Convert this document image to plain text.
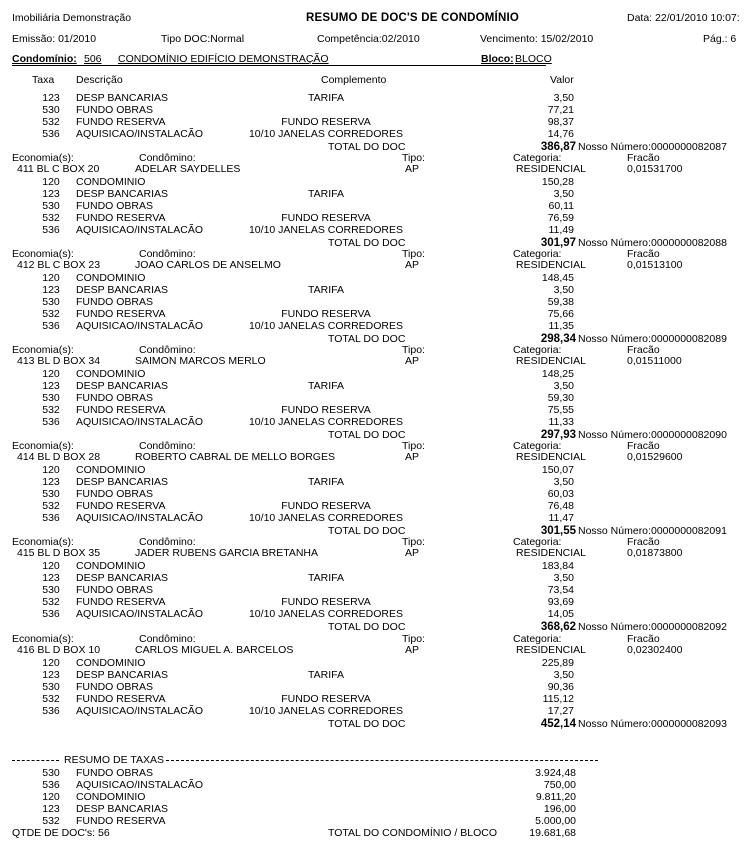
Imobiliária Demonstração	RESUMO DE DOC'S DE CONDOMÍNIO	Data: 22/01/2010 10:07:
Emissão: 01/2010	Tipo DOC:Normal	Competência:02/2010	Vencimento: 15/02/2010	Pág.: 6
Condomínio: 506 CONDOMÍNIO EDIFÍCIO DEMONSTRAÇÃO	Bloco: BLOCO
Taxa Descrição	Complemento	Valor
123	DESP BANCARIAS	TARIFA	3,50
530	FUNDO OBRAS	77,21
532	FUNDO RESERVA	FUNDO RESERVA	98,37
536	AQUISICAO/INSTALACÃO	10/10 JANELAS CORREDORES	14,76
TOTAL DO DOC	386,87 Nosso Número: 0000000082087
Economia(s):	Condômino:	Tipo:	Categoria:	Fracão
411 BL C BOX 20	ADELAR SAYDELLES	AP	RESIDENCIAL	0,01531700
120	CONDOMINIO	150,28
123	DESP BANCARIAS	TARIFA	3,50
530	FUNDO OBRAS	60,11
532	FUNDO RESERVA	FUNDO RESERVA	76,59
536	AQUISICAO/INSTALACÃO	10/10 JANELAS CORREDORES	11,49
TOTAL DO DOC	301,97 Nosso Número: 0000000082088
Economia(s):	Condômino:	Tipo:	Categoria:	Fracão
412 BL C BOX 23	JOAO CARLOS DE ANSELMO	AP	RESIDENCIAL	0,01513100
120	CONDOMINIO	148,45
123	DESP BANCARIAS	TARIFA	3,50
530	FUNDO OBRAS	59,38
532	FUNDO RESERVA	FUNDO RESERVA	75,66
536	AQUISICAO/INSTALACÃO	10/10 JANELAS CORREDORES	11,35
TOTAL DO DOC	298,34 Nosso Número: 0000000082089
Economia(s):	Condômino:	Tipo:	Categoria:	Fracão
413 BL D BOX 34	SAIMON MARCOS MERLO	AP	RESIDENCIAL	0,01511000
120	CONDOMINIO	148,25
123	DESP BANCARIAS	TARIFA	3,50
530	FUNDO OBRAS	59,30
532	FUNDO RESERVA	FUNDO RESERVA	75,55
536	AQUISICAO/INSTALACÃO	10/10 JANELAS CORREDORES	11,33
TOTAL DO DOC	297,93 Nosso Número: 0000000082090
Economia(s):	Condômino:	Tipo:	Categoria:	Fracão
414 BL D BOX 28	ROBERTO CABRAL DE MELLO BORGES	AP	RESIDENCIAL	0,01529600
120	CONDOMINIO	150,07
123	DESP BANCARIAS	TARIFA	3,50
530	FUNDO OBRAS	60,03
532	FUNDO RESERVA	FUNDO RESERVA	76,48
536	AQUISICAO/INSTALACÃO	10/10 JANELAS CORREDORES	11,47
TOTAL DO DOC	301,55 Nosso Número: 0000000082091
Economia(s):	Condômino:	Tipo:	Categoria:	Fracão
415 BL D BOX 35	JADER RUBENS GARCIA BRETANHA	AP	RESIDENCIAL	0,01873800
120	CONDOMINIO	183,84
123	DESP BANCARIAS	TARIFA	3,50
530	FUNDO OBRAS	73,54
532	FUNDO RESERVA	FUNDO RESERVA	93,69
536	AQUISICAO/INSTALACÃO	10/10 JANELAS CORREDORES	14,05
TOTAL DO DOC	368,62 Nosso Número: 0000000082092
Economia(s):	Condômino:	Tipo:	Categoria:	Fracão
416 BL D BOX 10	CARLOS MIGUEL A. BARCELOS	AP	RESIDENCIAL	0,02302400
120	CONDOMINIO	225,89
123	DESP BANCARIAS	TARIFA	3,50
530	FUNDO OBRAS	90,36
532	FUNDO RESERVA	FUNDO RESERVA	115,12
536	AQUISICAO/INSTALACÃO	10/10 JANELAS CORREDORES	17,27
TOTAL DO DOC	452,14 Nosso Número: 0000000082093
RESUMO DE TAXAS
530	FUNDO OBRAS	3.924,48
536	AQUISICAO/INSTALACÃO	750,00
120	CONDOMINIO	9.811,20
123	DESP BANCARIAS	196,00
532	FUNDO RESERVA	5.000,00
QTDE DE DOC's: 56	TOTAL DO CONDOMÍNIO / BLOCO	19.681,68
